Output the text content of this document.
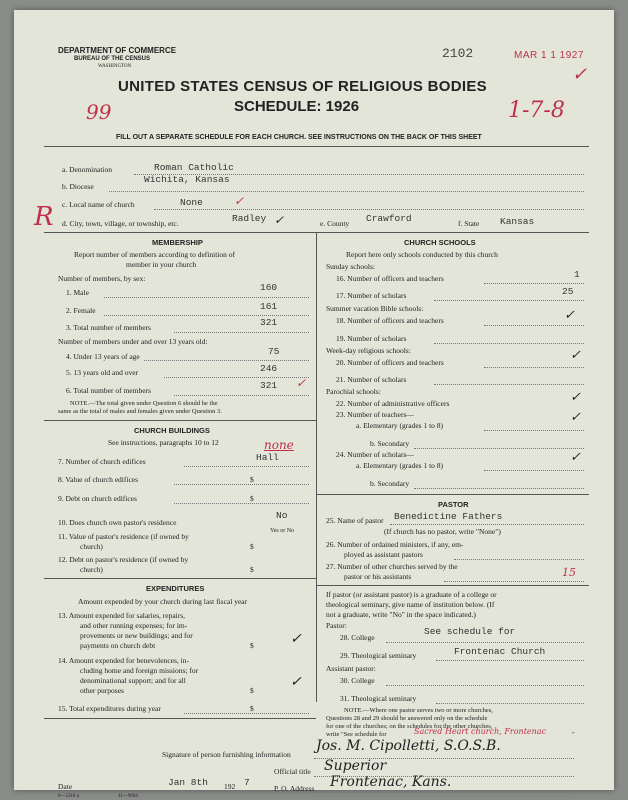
DEPARTMENT OF COMMERCE
BUREAU OF THE CENSUS
WASHINGTON
2102	MAR 1 1 1927
✓
UNITED STATES CENSUS OF RELIGIOUS BODIES
SCHEDULE: 1926
99	1-7-8
FILL OUT A SEPARATE SCHEDULE FOR EACH CHURCH. SEE INSTRUCTIONS ON THE BACK OF THIS SHEET
a. Denomination	Roman Catholic
b. Diocese
Wichita, Kansas
c. Local name of church	None	✓
R d. City, town, village, or township, etc.	Radley ✓	e. County Crawford	f. State Kansas
MEMBERSHIP
Report number of members according to definition of
member in your church
Number of members, by sex:
1. Male	160
2. Female	161
3. Total number of members	321
Number of members under and over 13 years old:
4. Under 13 years of age	75
5. 13 years old and over	246
6. Total number of members	321 ✓
NOTE.—The total given under Question 6 should be the
same as the total of males and females given under Question 3.
CHURCH BUILDINGS
See instructions, paragraphs 10 to 12
7. Number of church edifices	Hall
none
8. Value of church edifices	$
9. Debt on church edifices	$
10. Does church own pastor's residence
No
Yes or No
11. Value of pastor's residence (if owned by
church)	$
12. Debt on pastor's residence (if owned by
church)	$
EXPENDITURES
Amount expended by your church during last fiscal year
13. Amount expended for salaries, repairs,
and other running expenses; for im-
provements or new buildings; and for
payments on church debt	$	✓
14. Amount expended for benevolences, in-
cluding home and foreign missions; for
denominational support; and for all
other purposes	$
✓
15. Total expenditures during year	$
CHURCH SCHOOLS
Report here only schools conducted by this church
Sunday schools:
16. Number of officers and teachers	1
17. Number of scholars	25
Summer vacation Bible schools:
18. Number of officers and teachers	✓
19. Number of scholars
Week-day religious schools:
20. Number of officers and teachers	✓
21. Number of scholars
Parochial schools:
22. Number of administrative officers	✓
23. Number of teachers—
a. Elementary (grades 1 to 8)
✓
b. Secondary
24. Number of scholars—
a. Elementary (grades 1 to 8)
✓
b. Secondary
PASTOR
25. Name of pastor Benedictine Fathers
(If church has no pastor, write "None")
26. Number of ordained ministers, if any, em-
ployed as assistant pastors
27. Number of other churches served by the
pastor or his assistants	15
If pastor (or assistant pastor) is a graduate of a college or
theological seminary, give name of institution below. (If
not a graduate, write "No" in the space indicated.)
Pastor:
28. College
See schedule for
29. Theological seminary	Frontenac Church
Assistant pastor:
30. College
31. Theological seminary
NOTE.—Where one pastor serves two or more churches,
Questions 28 and 29 should be answered only on the schedule
for one of the churches; on the schedules for the other churches,
write "See schedule for	Sacred Heart church, Frontenac	"
Signature of person furnishing information
Jos. M. Cipolletti, S.O.S.B.
Official title Superior
Date	Jan 8th 192 7
P. O. Address Frontenac, Kans.
6—5318 a	11—9004
